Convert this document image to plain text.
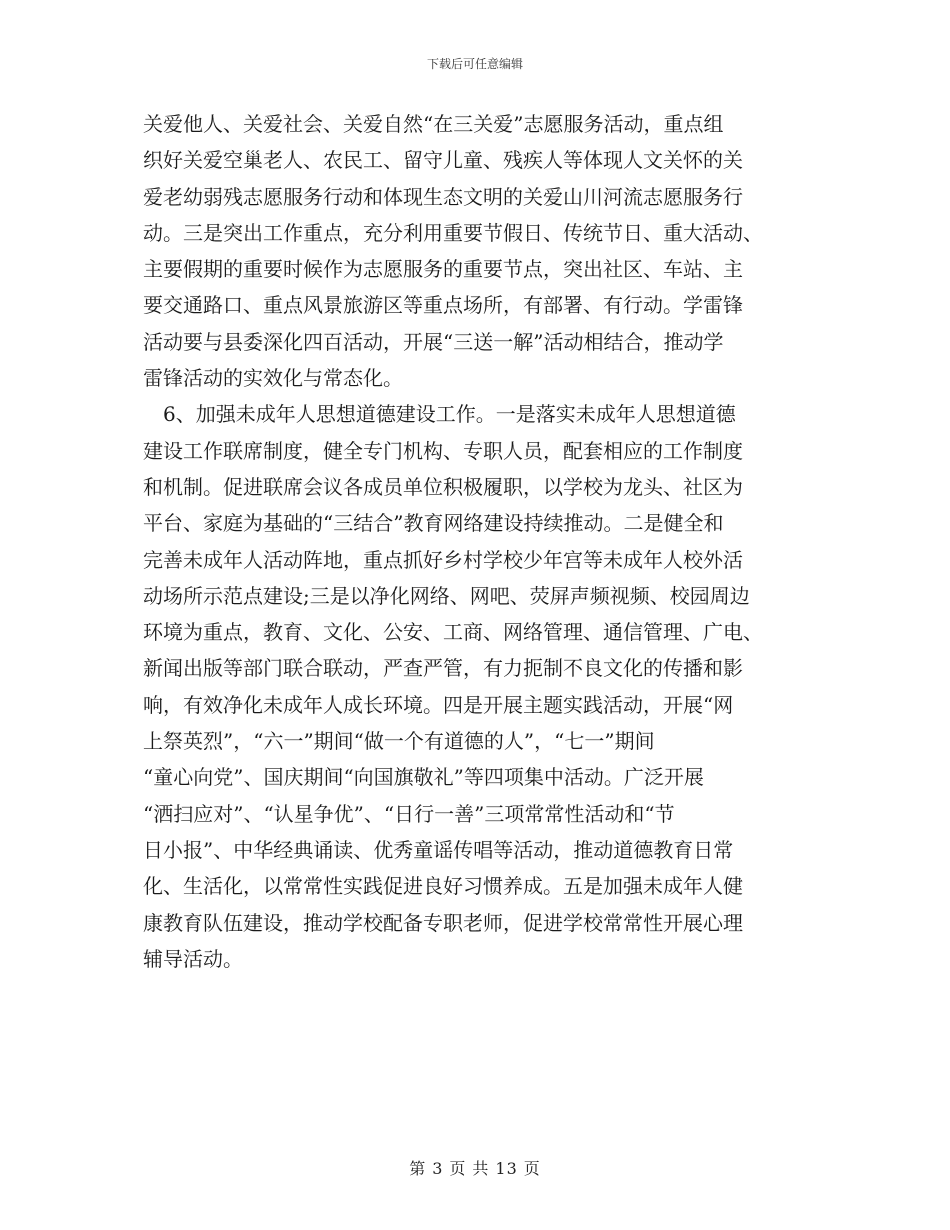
下载后可任意编辑
关爱他人、关爱社会、关爱自然“在三关爱”志愿服务活动，重点组
织好关爱空巢老人、农民工、留守儿童、残疾人等体现人文关怀的关
爱老幼弱残志愿服务行动和体现生态文明的关爱山川河流志愿服务行
动。三是突出工作重点，充分利用重要节假日、传统节日、重大活动、
主要假期的重要时候作为志愿服务的重要节点，突出社区、车站、主
要交通路口、重点风景旅游区等重点场所，有部署、有行动。学雷锋
活动要与县委深化四百活动，开展“三送一解”活动相结合，推动学
雷锋活动的实效化与常态化。
6、加强未成年人思想道德建设工作。一是落实未成年人思想道德
建设工作联席制度，健全专门机构、专职人员，配套相应的工作制度
和机制。促进联席会议各成员单位积极履职，以学校为龙头、社区为
平台、家庭为基础的“三结合”教育网络建设持续推动。二是健全和
完善未成年人活动阵地，重点抓好乡村学校少年宫等未成年人校外活
动场所示范点建设;三是以净化网络、网吧、荧屏声频视频、校园周边
环境为重点，教育、文化、公安、工商、网络管理、通信管理、广电、
新闻出版等部门联合联动，严查严管，有力扼制不良文化的传播和影
响，有效净化未成年人成长环境。四是开展主题实践活动，开展“网
上祭英烈”，“六一”期间“做一个有道德的人”，“七一”期间
“童心向党”、国庆期间“向国旗敬礼”等四项集中活动。广泛开展
“洒扫应对”、“认星争优”、“日行一善”三项常常性活动和“节
日小报”、中华经典诵读、优秀童谣传唱等活动，推动道德教育日常
化、生活化，以常常性实践促进良好习惯养成。五是加强未成年人健
康教育队伍建设，推动学校配备专职老师，促进学校常常性开展心理
辅导活动。
第 3 页 共 13 页
